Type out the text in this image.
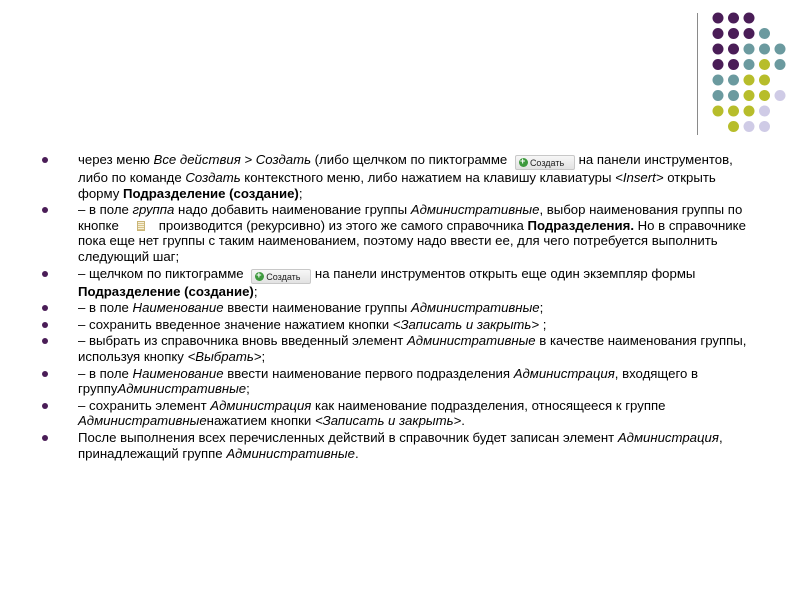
через меню Все действия > Создать (либо щелчком по пиктограмме +Создать на панели инструментов, либо по команде Создать контекстного меню, либо нажатием на клавишу клавиатуры <Insert> открыть форму Подразделение (создание);
– в поле группа надо добавить наименование группы Административные, выбор наименования группы по кнопке	производится (рекурсивно) из этого же самого справочника Подразделения. Но в справочнике пока еще нет группы с таким наименованием, поэтому надо ввести ее, для чего потребуется выполнить следующий шаг;
– щелчком по пиктограмме +Создать на панели инструментов открыть еще один экземпляр формы Подразделение (создание);
– в поле Наименование ввести наименование группы Административные;
– сохранить введенное значение нажатием кнопки <Записать и закрыть> ;
– выбрать из справочника вновь введенный элемент Административные в качестве наименования группы, используя кнопку <Выбрать>;
– в поле Наименование ввести наименование первого подразделения Администрация, входящего в группуАдминистративные;
– сохранить элемент Администрация как наименование подразделения, относящееся к группе Административныенажатием кнопки <Записать и закрыть>.
После выполнения всех перечисленных действий в справочник будет записан элемент Администрация, принадлежащий группе Административные.
